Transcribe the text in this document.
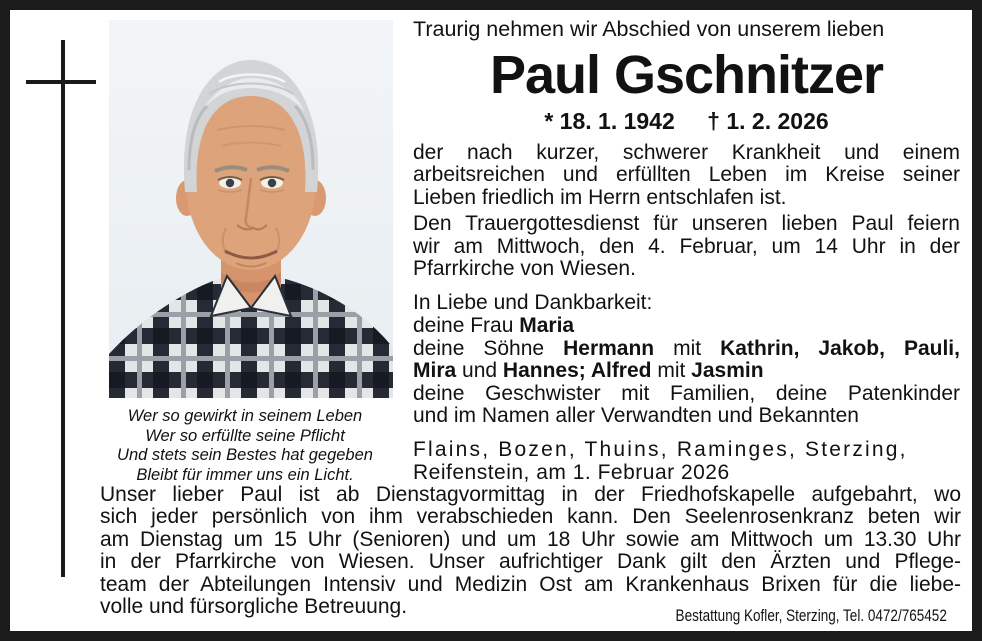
Wer so gewirkt in seinem Leben
Wer so erfüllte seine Pflicht
Und stets sein Bestes hat gegeben
Bleibt für immer uns ein Licht.
Traurig nehmen wir Abschied von unserem lieben
Paul Gschnitzer
* 18. 1. 1942 † 1. 2. 2026
der nach kurzer, schwerer Krankheit und einem
arbeitsreichen und erfüllten Leben im Kreise seiner
Lieben friedlich im Herrn entschlafen ist.
Den Trauergottesdienst für unseren lieben Paul feiern
wir am Mittwoch, den 4. Februar, um 14 Uhr in der
Pfarrkirche von Wiesen.
In Liebe und Dankbarkeit:
deine Frau Maria
deine Söhne Hermann mit Kathrin, Jakob, Pauli,
Mira und Hannes; Alfred mit Jasmin
deine Geschwister mit Familien, deine Patenkinder
und im Namen aller Verwandten und Bekannten
Flains, Bozen, Thuins, Raminges, Sterzing,
Reifenstein, am 1. Februar 2026
Unser lieber Paul ist ab Dienstagvormittag in der Friedhofskapelle aufgebahrt, wo
sich jeder persönlich von ihm verabschieden kann. Den Seelenrosenkranz beten wir
am Dienstag um 15 Uhr (Senioren) und um 18 Uhr sowie am Mittwoch um 13.30 Uhr
in der Pfarrkirche von Wiesen. Unser aufrichtiger Dank gilt den Ärzten und Pflege-
team der Abteilungen Intensiv und Medizin Ost am Krankenhaus Brixen für die liebe-
volle und fürsorgliche Betreuung.	Bestattung Kofler, Sterzing, Tel. 0472/765452
